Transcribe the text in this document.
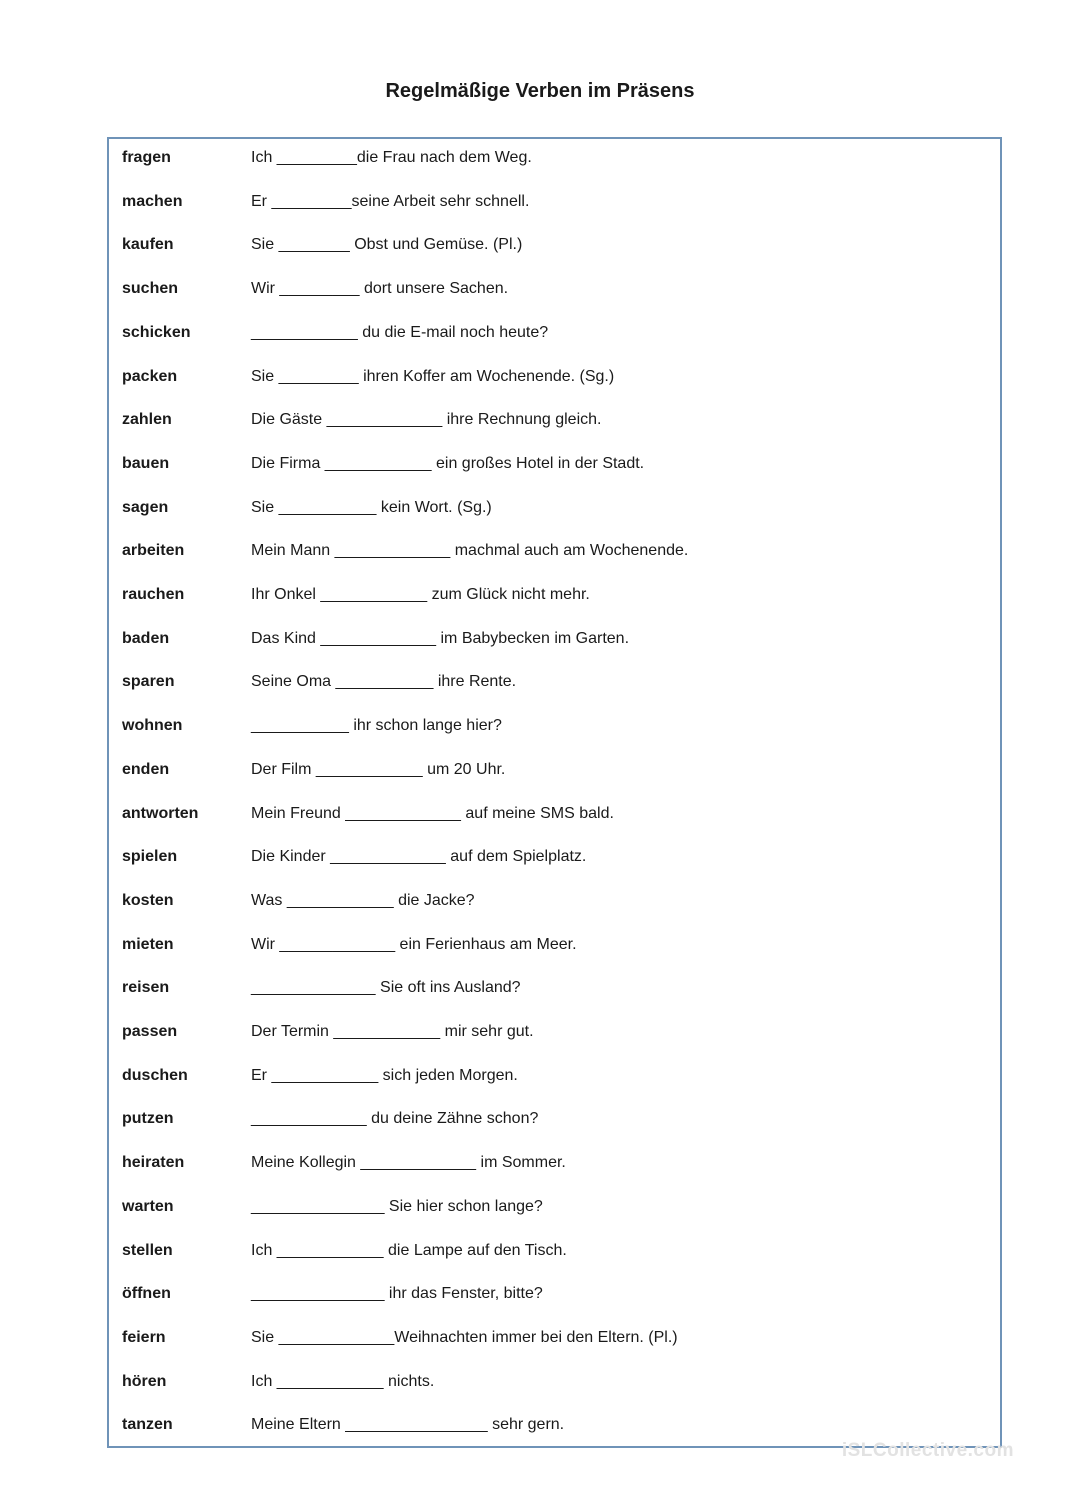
Regelmäßige Verben im Präsens
fragen	Ich _________die Frau nach dem Weg.
machen	Er _________seine Arbeit sehr schnell.
kaufen	Sie ________ Obst und Gemüse. (Pl.)
suchen	Wir _________ dort unsere Sachen.
schicken	____________ du die E-mail noch heute?
packen	Sie _________ ihren Koffer am Wochenende. (Sg.)
zahlen	Die Gäste _____________ ihre Rechnung gleich.
bauen	Die Firma ____________ ein großes Hotel in der Stadt.
sagen	Sie ___________ kein Wort. (Sg.)
arbeiten	Mein Mann _____________ machmal auch am Wochenende.
rauchen	Ihr Onkel ____________ zum Glück nicht mehr.
baden	Das Kind _____________ im Babybecken im Garten.
sparen	Seine Oma ___________ ihre Rente.
wohnen	___________ ihr schon lange hier?
enden	Der Film ____________ um 20 Uhr.
antworten	Mein Freund _____________ auf meine SMS bald.
spielen	Die Kinder _____________ auf dem Spielplatz.
kosten	Was ____________ die Jacke?
mieten	Wir _____________ ein Ferienhaus am Meer.
reisen	______________ Sie oft ins Ausland?
passen	Der Termin ____________ mir sehr gut.
duschen	Er ____________ sich jeden Morgen.
putzen	_____________ du deine Zähne schon?
heiraten	Meine Kollegin _____________ im Sommer.
warten	_______________ Sie hier schon lange?
stellen	Ich ____________ die Lampe auf den Tisch.
öffnen	_______________ ihr das Fenster, bitte?
feiern	Sie _____________Weihnachten immer bei den Eltern. (Pl.)
hören	Ich ____________ nichts.
tanzen	Meine Eltern ________________ sehr gern.
iSLCollective.com
